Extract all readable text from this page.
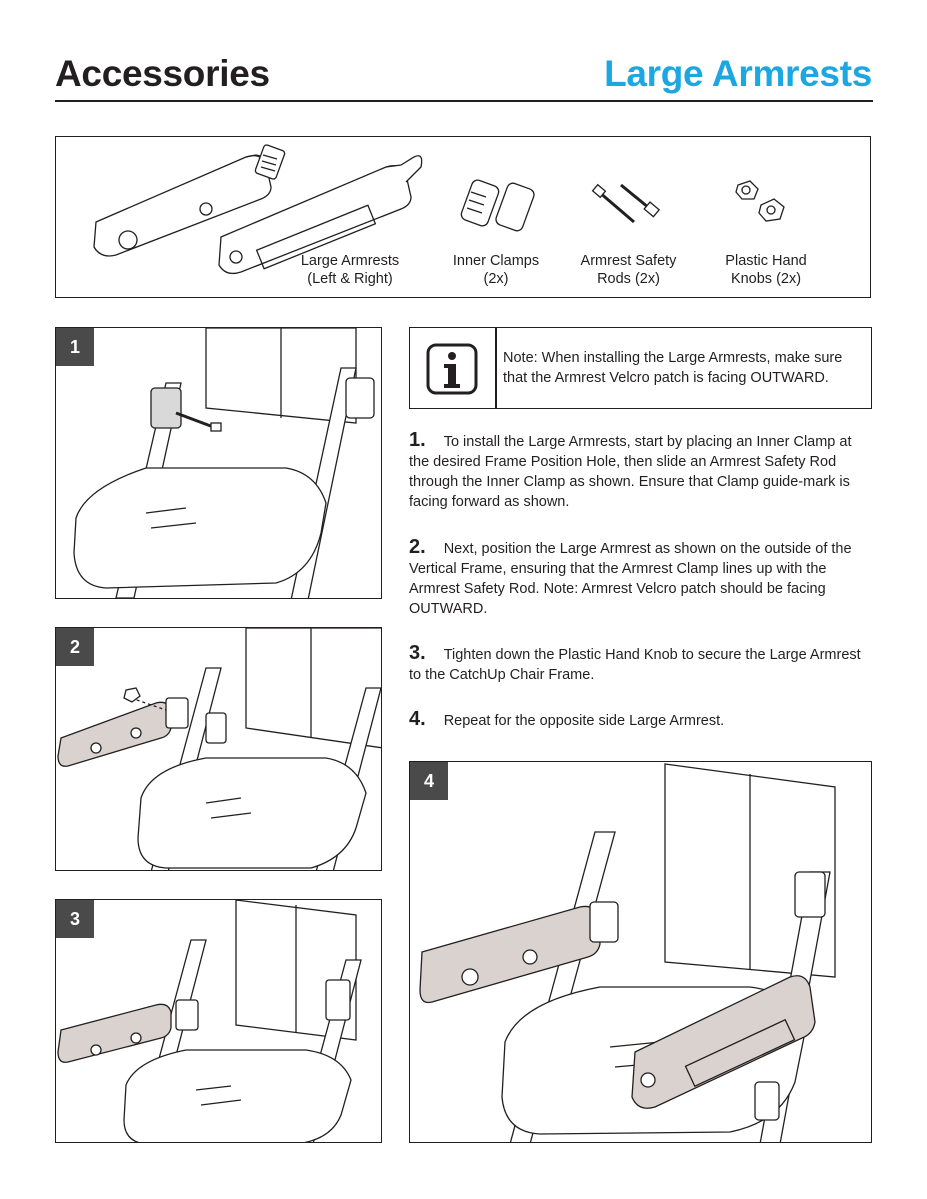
Accessories	Large Armrests
Large Armrests
(Left & Right)
Inner Clamps
(2x)
Armrest Safety
Rods (2x)
Plastic Hand
Knobs (2x)
1
2
3
Note: When installing the Large Armrests, make sure that the Armrest Velcro patch is facing OUTWARD.
1. To install the Large Armrests, start by placing an Inner Clamp at the desired Frame Position Hole, then slide an Armrest Safety Rod through the Inner Clamp as shown. Ensure that Clamp guide-mark is facing forward as shown.
2. Next, position the Large Armrest as shown on the outside of the Vertical Frame, ensuring that the Armrest Clamp lines up with the Armrest Safety Rod. Note: Armrest Velcro patch should be facing OUTWARD.
3. Tighten down the Plastic Hand Knob to secure the Large Armrest to the CatchUp Chair Frame.
4. Repeat for the opposite side Large Armrest.
4
